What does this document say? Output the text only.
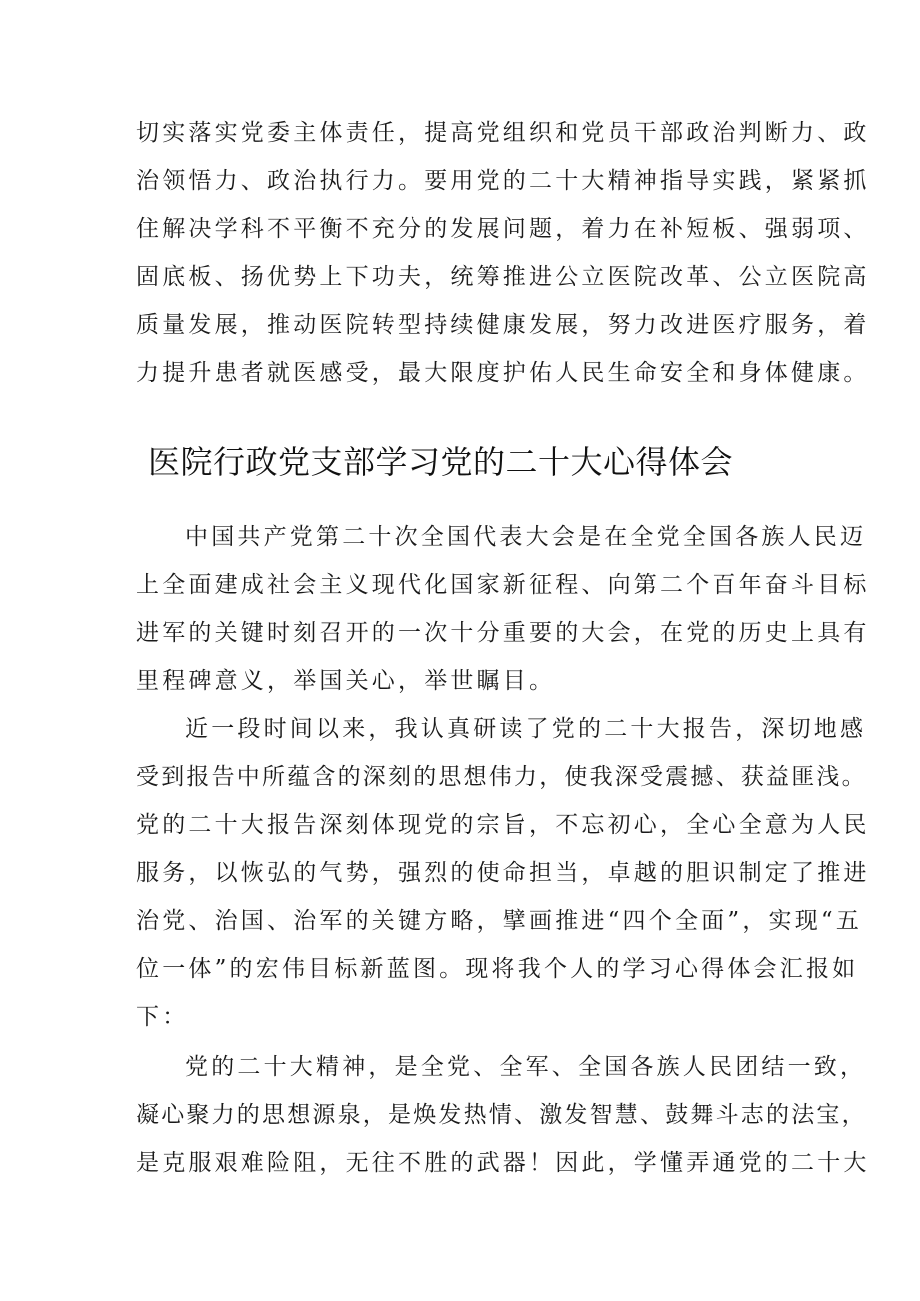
切实落实党委主体责任，提高党组织和党员干部政治判断力、政
治领悟力、政治执行力。要用党的二十大精神指导实践，紧紧抓
住解决学科不平衡不充分的发展问题，着力在补短板、强弱项、
固底板、扬优势上下功夫，统筹推进公立医院改革、公立医院高
质量发展，推动医院转型持续健康发展，努力改进医疗服务，着
力提升患者就医感受，最大限度护佑人民生命安全和身体健康。
医院行政党支部学习党的二十大心得体会
中国共产党第二十次全国代表大会是在全党全国各族人民迈
上全面建成社会主义现代化国家新征程、向第二个百年奋斗目标
进军的关键时刻召开的一次十分重要的大会，在党的历史上具有
里程碑意义，举国关心，举世瞩目。
近一段时间以来，我认真研读了党的二十大报告，深切地感
受到报告中所蕴含的深刻的思想伟力，使我深受震撼、获益匪浅。
党的二十大报告深刻体现党的宗旨，不忘初心，全心全意为人民
服务，以恢弘的气势，强烈的使命担当，卓越的胆识制定了推进
治党、治国、治军的关键方略，擘画推进“四个全面”，实现“五
位一体”的宏伟目标新蓝图。现将我个人的学习心得体会汇报如
下：
党的二十大精神，是全党、全军、全国各族人民团结一致，
凝心聚力的思想源泉，是焕发热情、激发智慧、鼓舞斗志的法宝，
是克服艰难险阻，无往不胜的武器！因此，学懂弄通党的二十大
